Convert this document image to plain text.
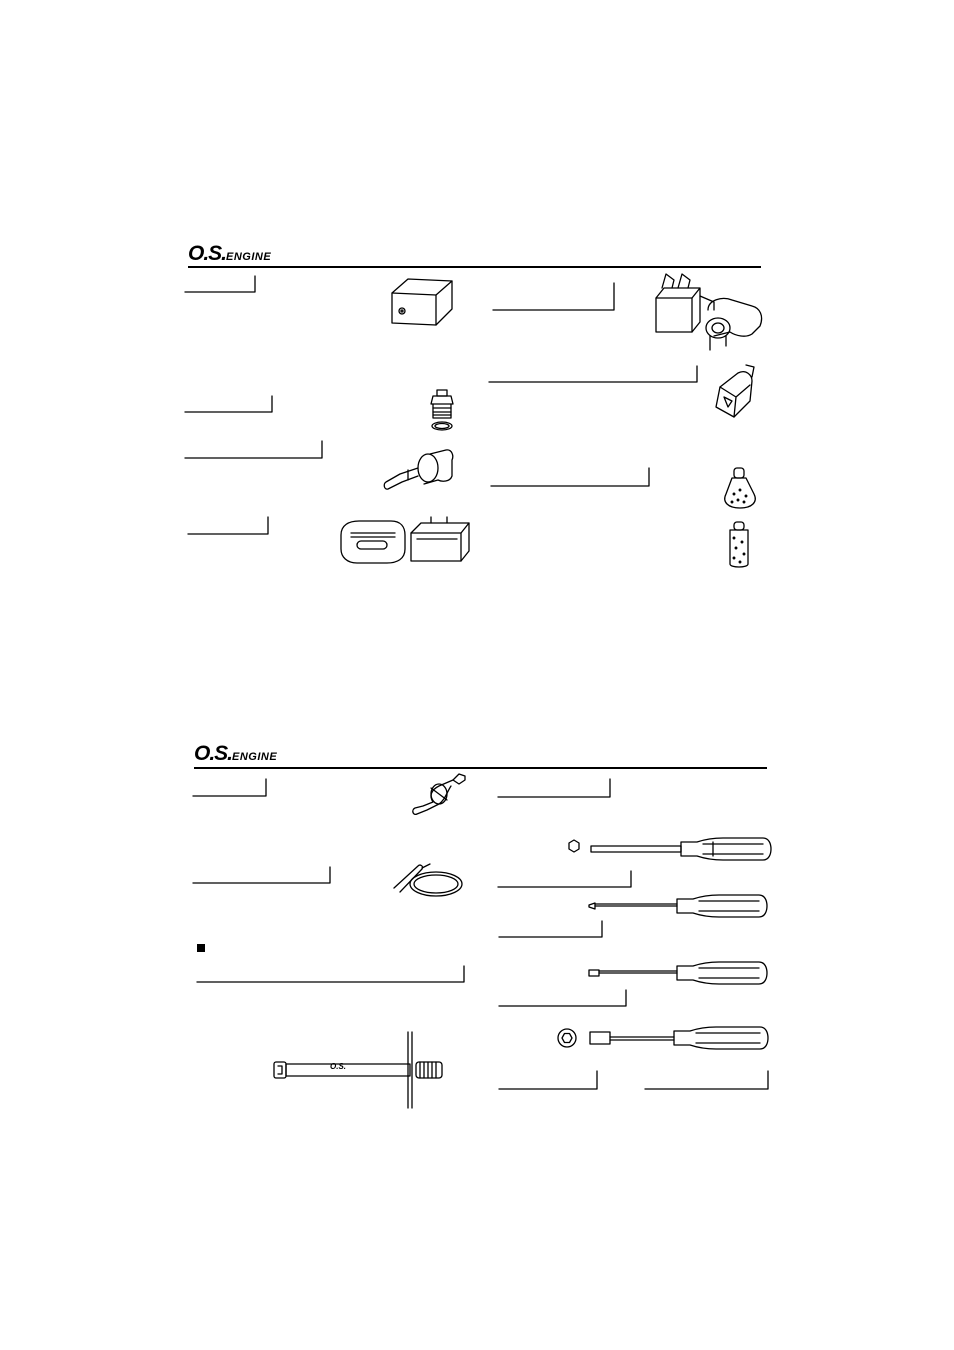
O.S.ENGINE
O.S.ENGINE
O.S.
